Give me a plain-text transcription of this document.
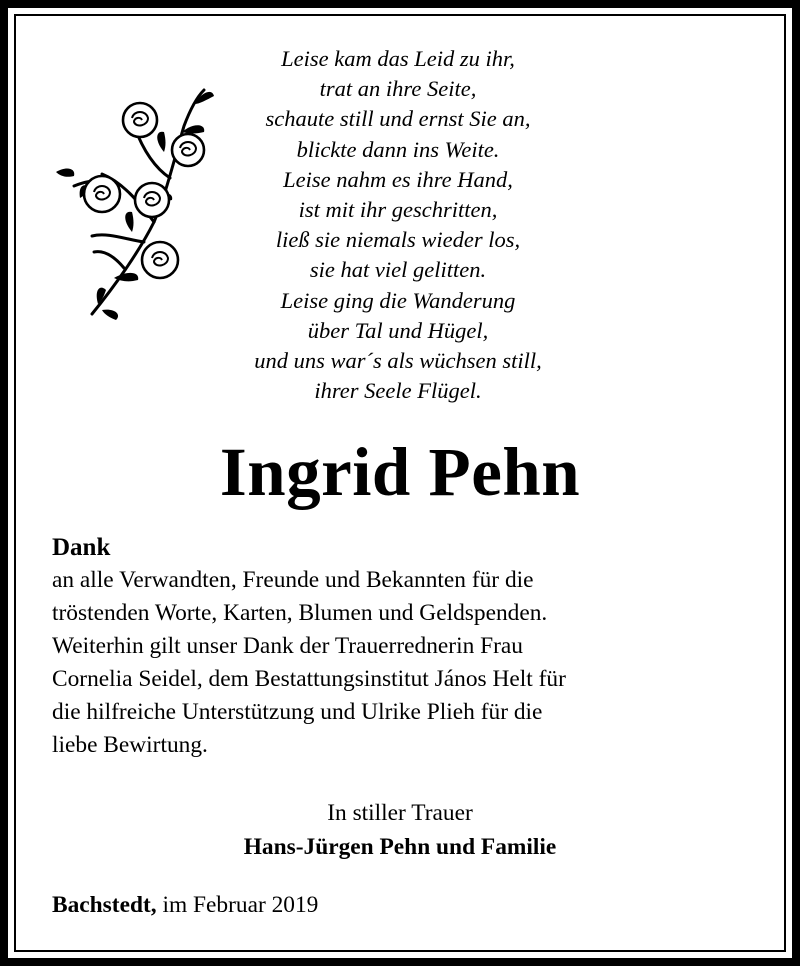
Leise kam das Leid zu ihr,
trat an ihre Seite,
schaute still und ernst Sie an,
blickte dann ins Weite.
Leise nahm es ihre Hand,
ist mit ihr geschritten,
ließ sie niemals wieder los,
sie hat viel gelitten.
Leise ging die Wanderung
über Tal und Hügel,
und uns war´s als wüchsen still,
ihrer Seele Flügel.
Ingrid Pehn
Dank
an alle Verwandten, Freunde und Bekannten für die
tröstenden Worte, Karten, Blumen und Geldspenden.
Weiterhin gilt unser Dank der Trauerrednerin Frau
Cornelia Seidel, dem Bestattungsinstitut János Helt für
die hilfreiche Unterstützung und Ulrike Plieh für die
liebe Bewirtung.
In stiller Trauer
Hans-Jürgen Pehn und Familie
Bachstedt, im Februar 2019
